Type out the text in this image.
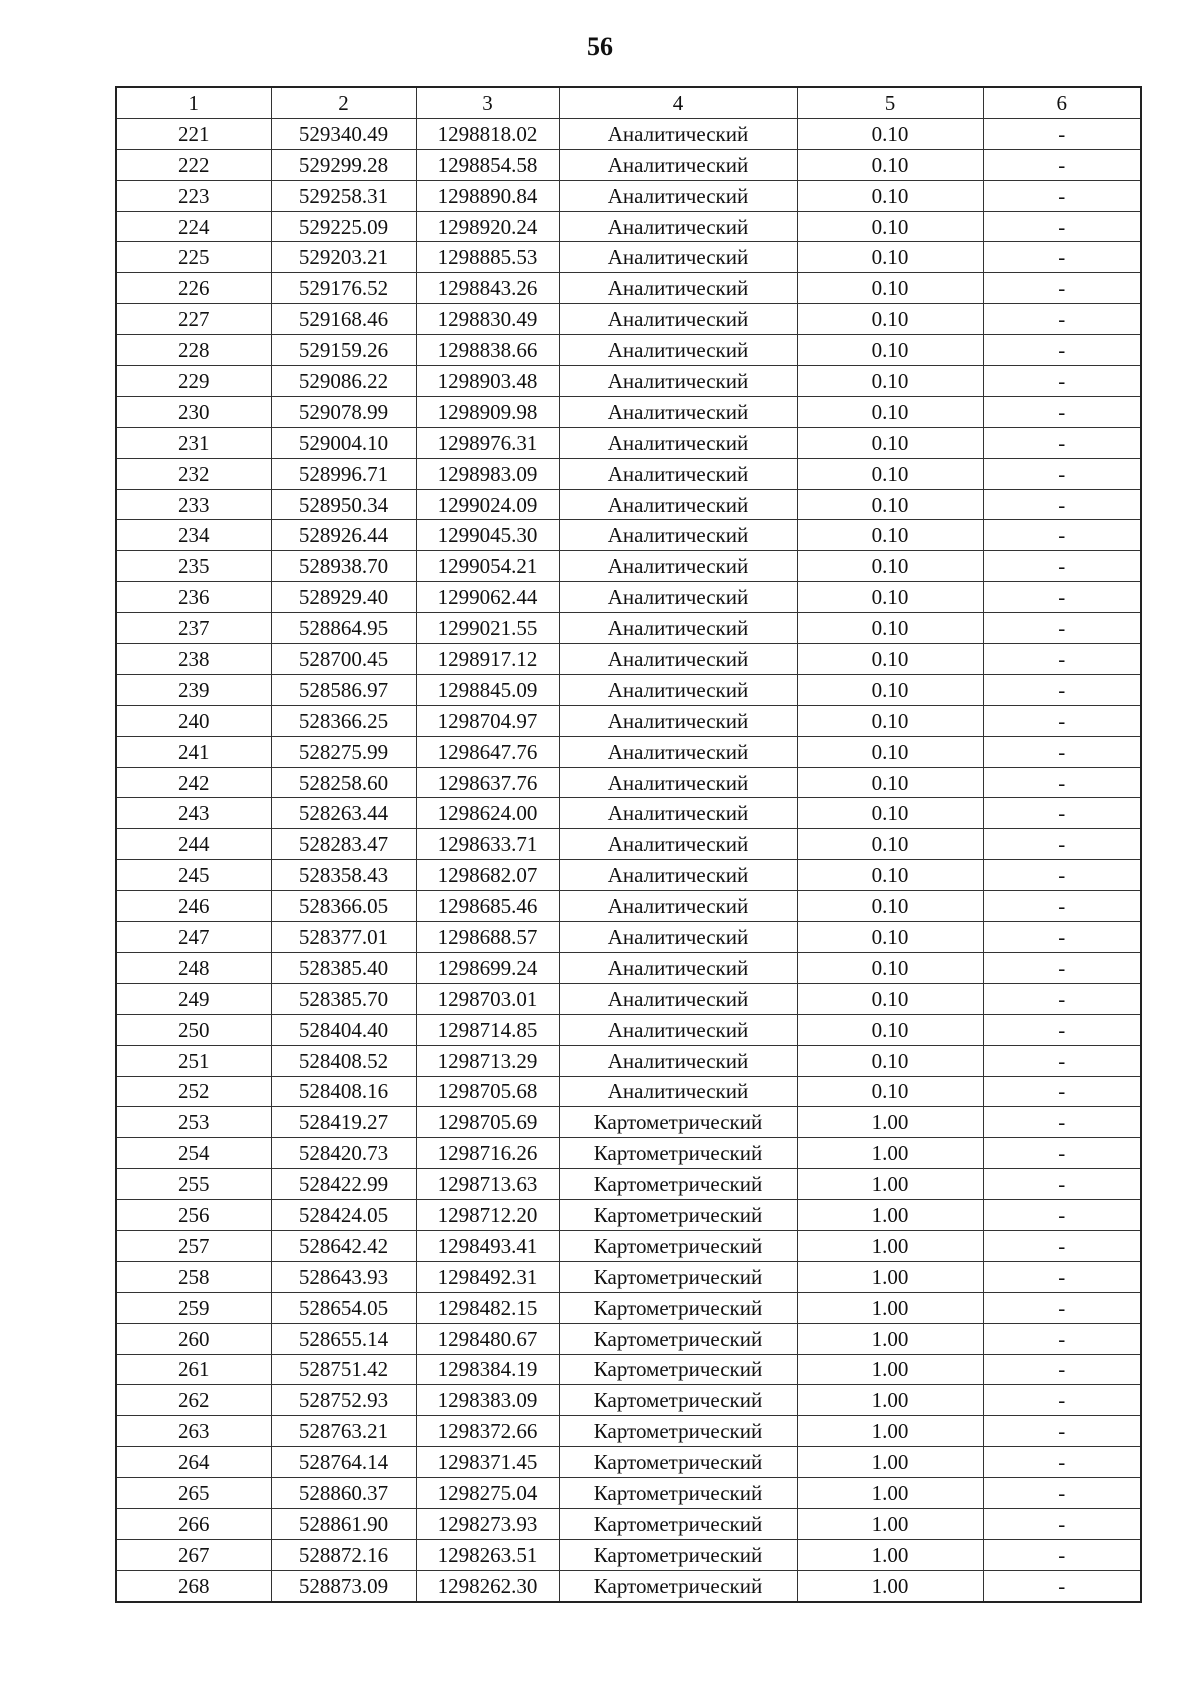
56
1	2	3	4	5	6
221	529340.49	1298818.02	Аналитический	0.10	-
222	529299.28	1298854.58	Аналитический	0.10	-
223	529258.31	1298890.84	Аналитический	0.10	-
224	529225.09	1298920.24	Аналитический	0.10	-
225	529203.21	1298885.53	Аналитический	0.10	-
226	529176.52	1298843.26	Аналитический	0.10	-
227	529168.46	1298830.49	Аналитический	0.10	-
228	529159.26	1298838.66	Аналитический	0.10	-
229	529086.22	1298903.48	Аналитический	0.10	-
230	529078.99	1298909.98	Аналитический	0.10	-
231	529004.10	1298976.31	Аналитический	0.10	-
232	528996.71	1298983.09	Аналитический	0.10	-
233	528950.34	1299024.09	Аналитический	0.10	-
234	528926.44	1299045.30	Аналитический	0.10	-
235	528938.70	1299054.21	Аналитический	0.10	-
236	528929.40	1299062.44	Аналитический	0.10	-
237	528864.95	1299021.55	Аналитический	0.10	-
238	528700.45	1298917.12	Аналитический	0.10	-
239	528586.97	1298845.09	Аналитический	0.10	-
240	528366.25	1298704.97	Аналитический	0.10	-
241	528275.99	1298647.76	Аналитический	0.10	-
242	528258.60	1298637.76	Аналитический	0.10	-
243	528263.44	1298624.00	Аналитический	0.10	-
244	528283.47	1298633.71	Аналитический	0.10	-
245	528358.43	1298682.07	Аналитический	0.10	-
246	528366.05	1298685.46	Аналитический	0.10	-
247	528377.01	1298688.57	Аналитический	0.10	-
248	528385.40	1298699.24	Аналитический	0.10	-
249	528385.70	1298703.01	Аналитический	0.10	-
250	528404.40	1298714.85	Аналитический	0.10	-
251	528408.52	1298713.29	Аналитический	0.10	-
252	528408.16	1298705.68	Аналитический	0.10	-
253	528419.27	1298705.69	Картометрический	1.00	-
254	528420.73	1298716.26	Картометрический	1.00	-
255	528422.99	1298713.63	Картометрический	1.00	-
256	528424.05	1298712.20	Картометрический	1.00	-
257	528642.42	1298493.41	Картометрический	1.00	-
258	528643.93	1298492.31	Картометрический	1.00	-
259	528654.05	1298482.15	Картометрический	1.00	-
260	528655.14	1298480.67	Картометрический	1.00	-
261	528751.42	1298384.19	Картометрический	1.00	-
262	528752.93	1298383.09	Картометрический	1.00	-
263	528763.21	1298372.66	Картометрический	1.00	-
264	528764.14	1298371.45	Картометрический	1.00	-
265	528860.37	1298275.04	Картометрический	1.00	-
266	528861.90	1298273.93	Картометрический	1.00	-
267	528872.16	1298263.51	Картометрический	1.00	-
268	528873.09	1298262.30	Картометрический	1.00	-
